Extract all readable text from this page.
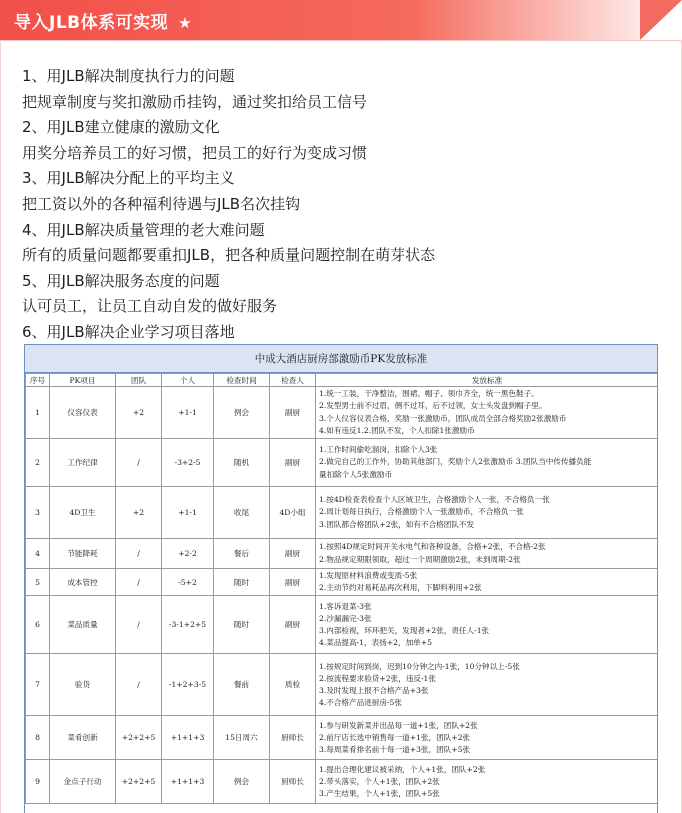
导入JLB体系可实现 ★
1、用JLB解决制度执行力的问题
把规章制度与奖扣激励币挂钩，通过奖扣给员工信号
2、用JLB建立健康的激励文化
用奖分培养员工的好习惯，把员工的好行为变成习惯
3、用JLB解决分配上的平均主义
把工资以外的各种福利待遇与JLB名次挂钩
4、用JLB解决质量管理的老大难问题
所有的质量问题都要重扣JLB，把各种质量问题控制在萌芽状态
5、用JLB解决服务态度的问题
认可员工，让员工自动自发的做好服务
6、用JLB解决企业学习项目落地
中成大酒店厨房部激励币PK发放标准
序号	PK项目	团队	个人	检查时间	检查人	发放标准
1	仪容仪表	+2	+1-1	例会	副厨	1.统一工装，干净整洁，围裙、帽子、领巾齐全，统一黑色鞋子。
2.发型男士前不过眉，侧不过耳，后不过领，女士头发盘到帽子里。
3.个人仪容仪表合格，奖励一张激励币，团队成员全部合格奖励2张激励币
4.如有违反1.2.团队不发，个人扣除1张激励币

2	工作纪律	/	-3+2-5	随机	副厨	1.工作时间偷吃溜岗，扣除个人3张
2.做完自己的工作外，协助其他部门，奖励个人2张激励币 3.团队当中传传播负能
量扣除个人5张激励币

3	4D卫生	+2	+1-1	收尾	4D小组	1.按4D检查表检查个人区域卫生，合格激励个人一张，不合格负一张
2.周计划每日执行，合格激励个人一张激励币，不合格负一张
3.团队都合格团队+2张，如有不合格团队不发

4	节能降耗	/	+2-2	餐后	副厨	1.按照4D规定时间开关水电气和各种设备，合格+2张，不合格-2张
2.物品规定期限领取，超过一个周期激励2张，未到周期-2张

5	成本管控	/	-5+2	随时	副厨	1.发现原材料浪费或变质-5张
2.主动节约对易耗品再次利用，下脚料利用+2张

6	菜品质量	/	-3-1+2+5	随时	副厨	1.客诉退菜-3张
2.沙漏漏完-3张
3.内部检视，环环把关，发现者+2张，责任人-1张
4.菜品提高-1，表扬+2，加单+5

7	验货	/	-1+2+3-5	餐前	质检	1.按规定时间到岗，迟到10分钟之内-1张，10分钟以上-5张
2.按流程要求验货+2张，违反-1张
3.及时发现上报不合格产品+3张
4.不合格产品进厨房-5张

8	菜肴创新	+2+2+5	+1+1+3	15日周六	厨师长	1.参与研发新菜并出品每一道+1张，团队+2张
2.前厅店长选中销售每一道+1张，团队+2张
3.每周菜肴排名前十每一道+3张，团队+5张

9	金点子行动	+2+2+5	+1+1+3	例会	厨师长	1.提出合理化建议被采纳，个人+1张，团队+2张
2.带头落实，个人+1张，团队+2张
3.产生结果，个人+1张，团队+5张
